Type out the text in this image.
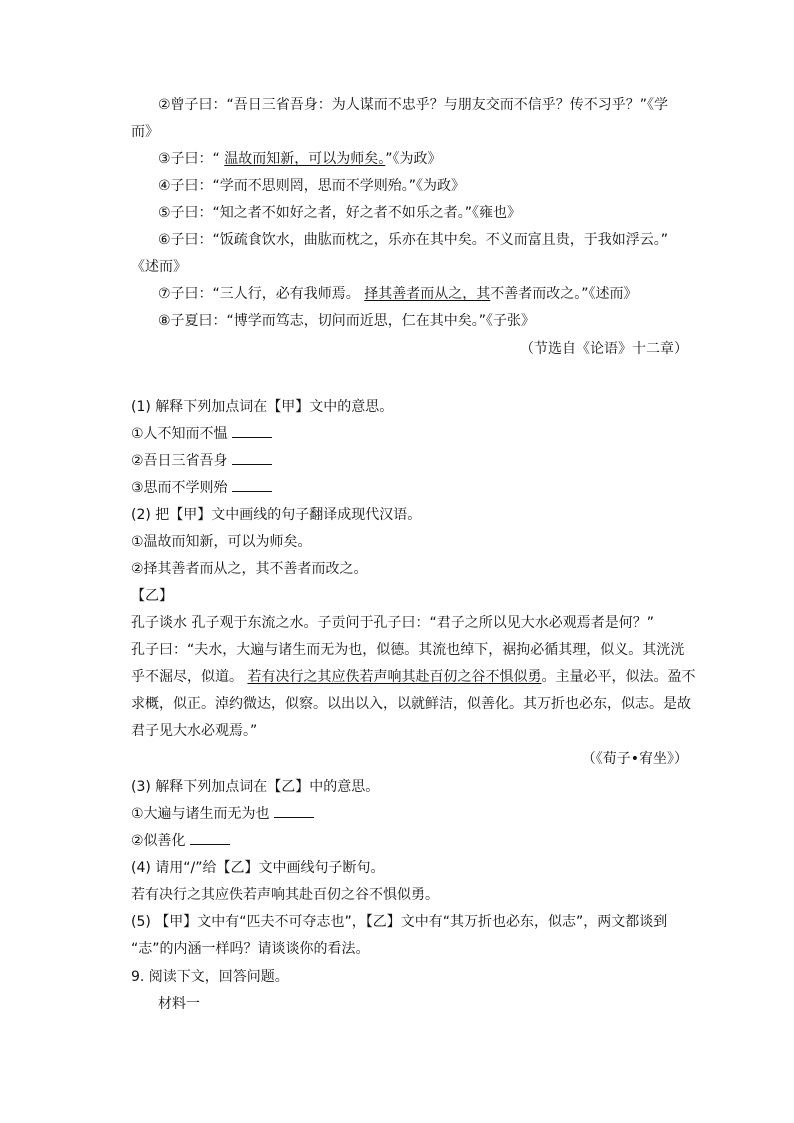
②曾子曰：“吾日三省吾身：为人谋而不忠乎？与朋友交而不信乎？传不习乎？”《学
而》
③子曰：“ 温故而知新，可以为师矣。”《为政》
④子曰：“学而不思则罔，思而不学则殆。”《为政》
⑤子曰：“知之者不如好之者，好之者不如乐之者。”《雍也》
⑥子曰：“饭疏食饮水，曲肱而枕之，乐亦在其中矣。不义而富且贵，于我如浮云。”
《述而》
⑦子曰：“三人行，必有我师焉。 择其善者而从之，其不善者而改之。”《述而》
⑧子夏曰：“博学而笃志，切问而近思，仁在其中矣。”《子张》
（节选自《论语》十二章）
(1) 解释下列加点词在【甲】文中的意思。
①人不知而不愠
②吾日三省吾身
③思而不学则殆
(2) 把【甲】文中画线的句子翻译成现代汉语。
①温故而知新，可以为师矣。
②择其善者而从之，其不善者而改之。
【乙】
孔子谈水 孔子观于东流之水。子贡问于孔子曰：“君子之所以见大水必观焉者是何？”
孔子曰：“夫水，大遍与诸生而无为也，似德。其流也绰下，裾拘必循其理，似义。其洸洸
乎不淈尽，似道。 若有决行之其应佚若声响其赴百仞之谷不惧似勇。主量必平，似法。盈不
求概，似正。淖约微达，似察。以出以入，以就鲜洁，似善化。其万折也必东，似志。是故
君子见大水必观焉。”
（《荀子•宥坐》）
(3) 解释下列加点词在【乙】中的意思。
①大遍与诸生而无为也
②似善化
(4) 请用“/”给【乙】文中画线句子断句。
若有决行之其应佚若声响其赴百仞之谷不惧似勇。
(5) 【甲】文中有“匹夫不可夺志也”，【乙】文中有“其万折也必东，似志”，两文都谈到
“志”的内涵一样吗？请谈谈你的看法。
9. 阅读下文，回答问题。
材料一
